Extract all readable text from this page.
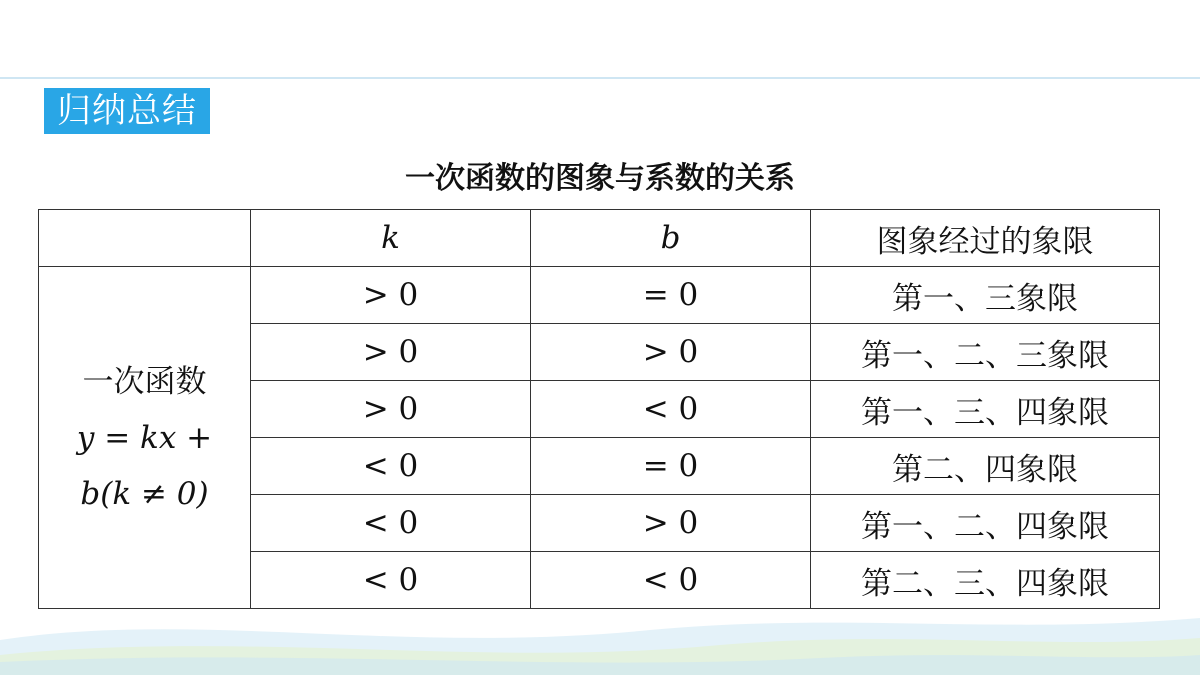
归纳总结
一次函数的图象与系数的关系
	k	b	图象经过的象限

一次函数
y = kx +
b(k ≠ 0)	> 0	= 0	第一、三象限
	> 0	> 0	第一、二、三象限
	> 0	< 0	第一、三、四象限
	< 0	= 0	第二、四象限
	< 0	> 0	第一、二、四象限
	< 0	< 0	第二、三、四象限
